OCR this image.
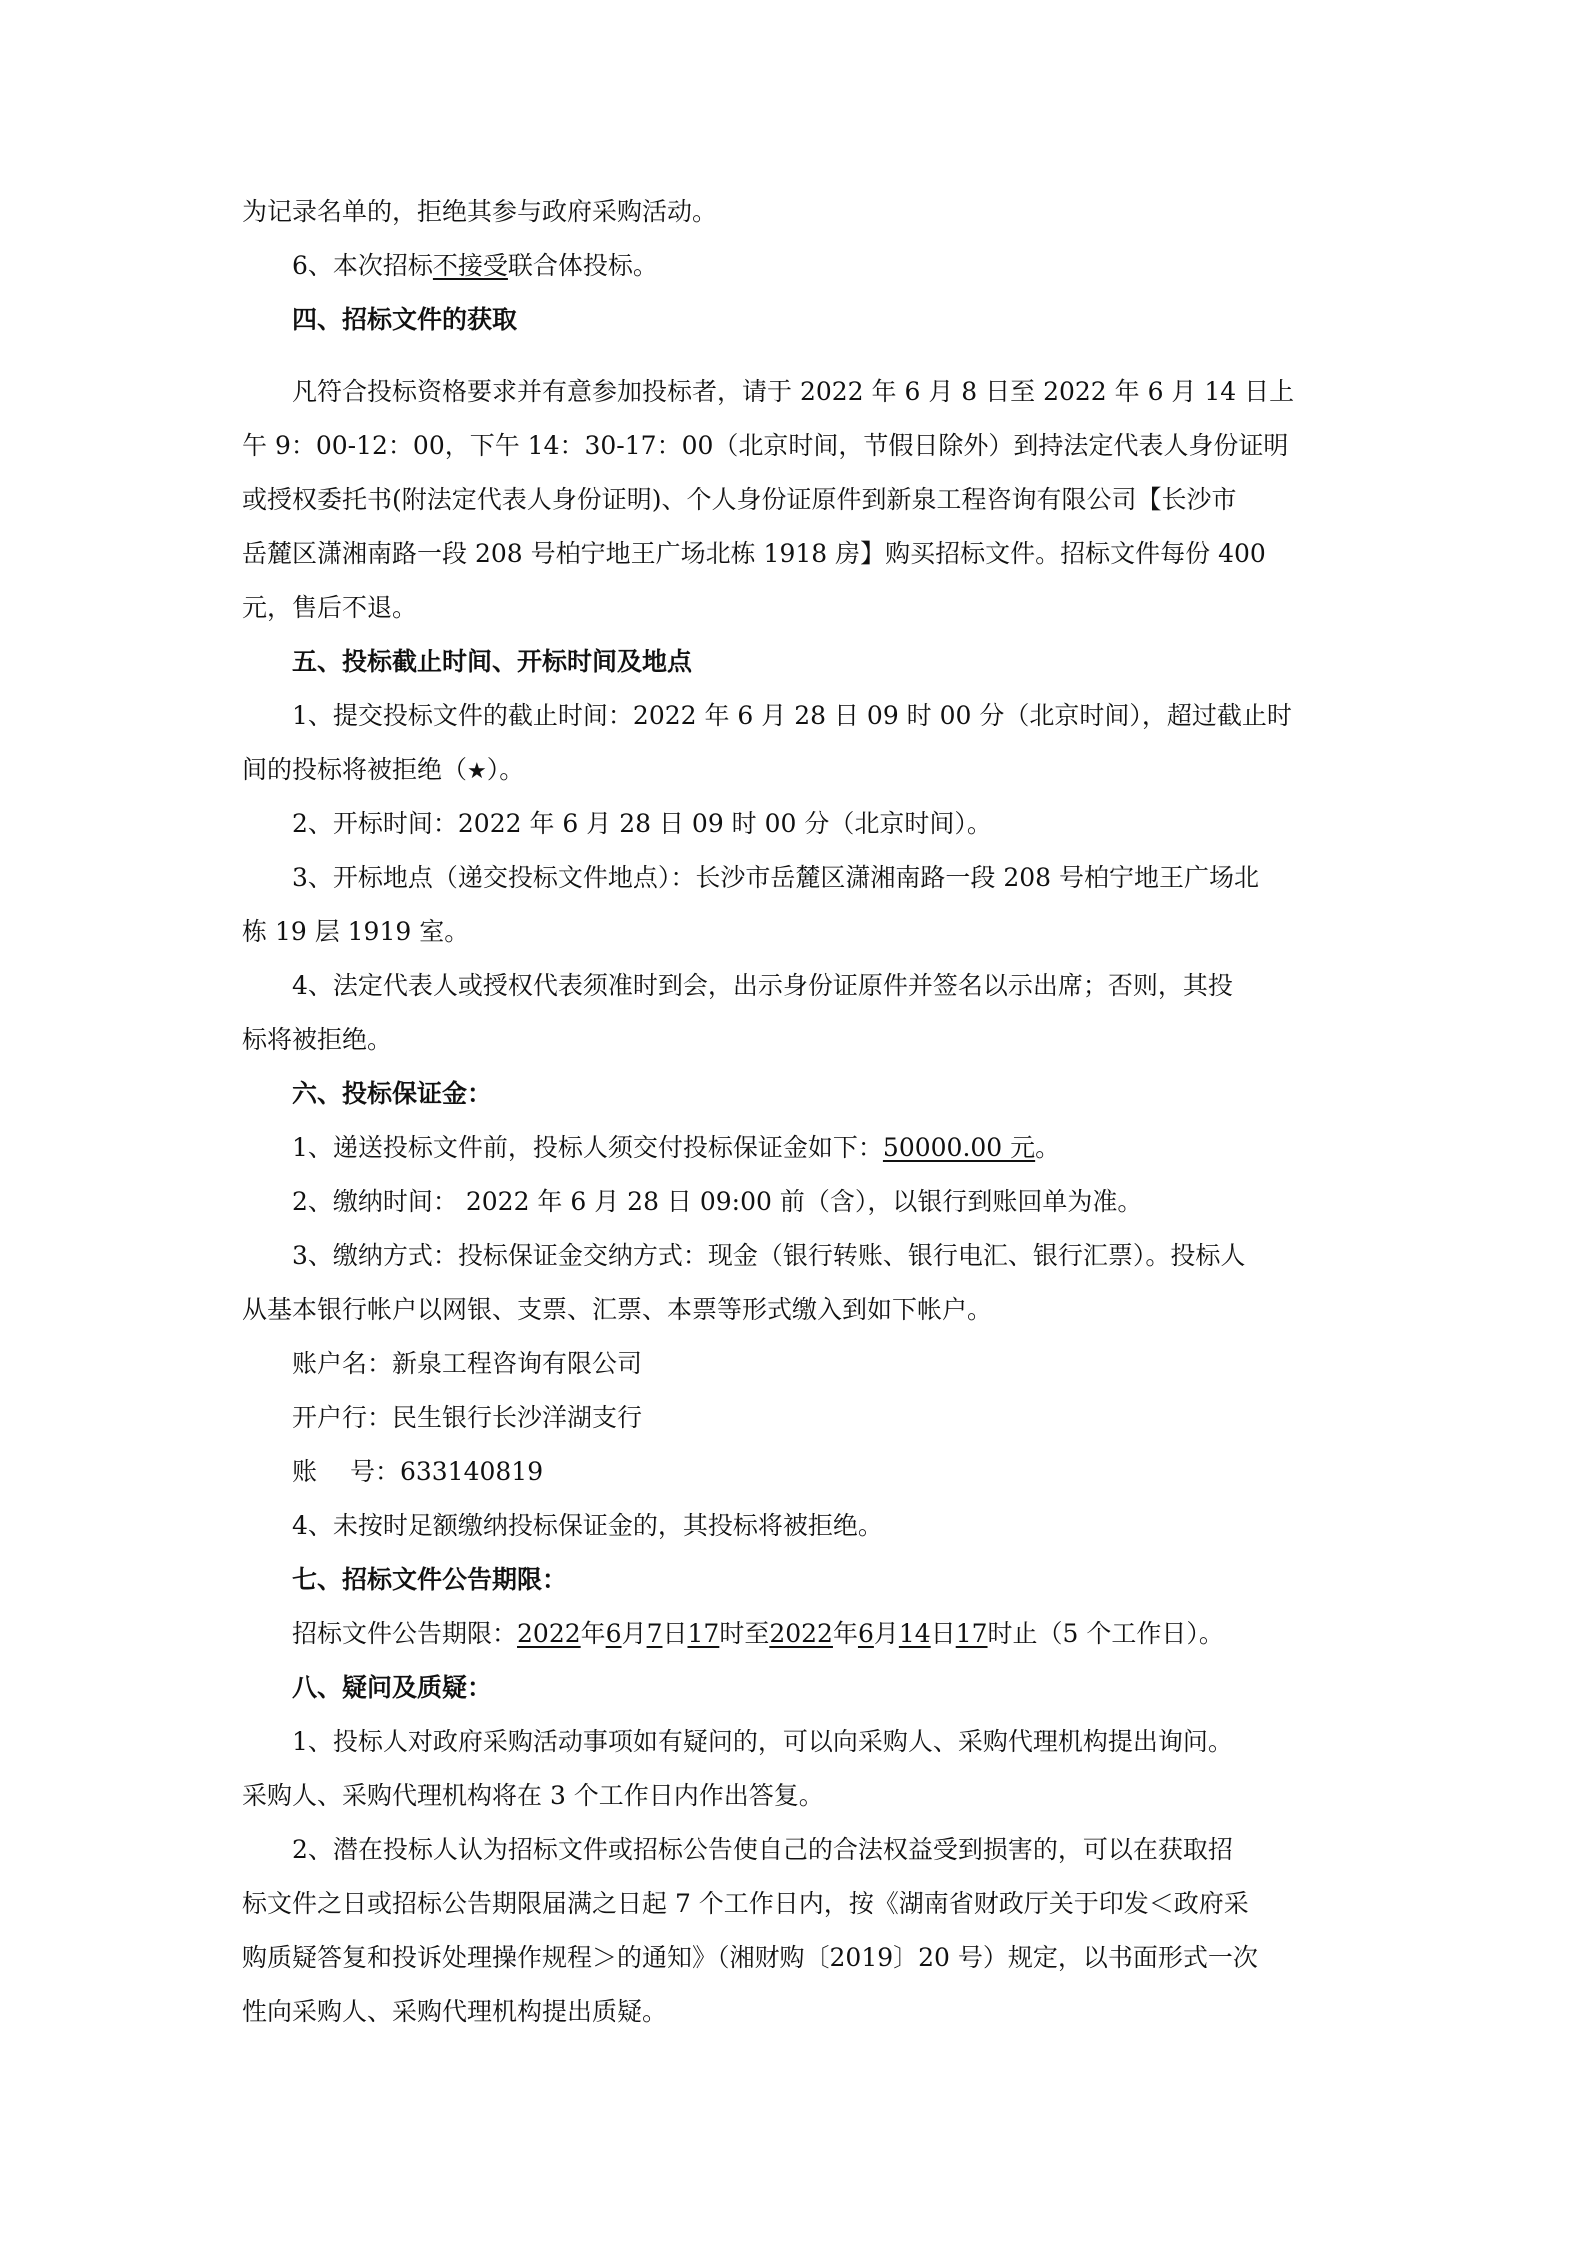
为记录名单的，拒绝其参与政府采购活动。

6、本次招标不接受联合体投标。

四、招标文件的获取

凡符合投标资格要求并有意参加投标者，请于 2022 年 6 月 8 日至 2022 年 6 月 14 日上

午 9：00-12：00，下午 14：30-17：00（北京时间，节假日除外）到持法定代表人身份证明

或授权委托书(附法定代表人身份证明)、个人身份证原件到新泉工程咨询有限公司【长沙市

岳麓区潇湘南路一段 208 号柏宁地王广场北栋 1918 房】购买招标文件。招标文件每份 400

元，售后不退。

五、投标截止时间、开标时间及地点

1、提交投标文件的截止时间：2022 年 6 月 28 日 09 时 00 分（北京时间），超过截止时

间的投标将被拒绝（★）。

2、开标时间：2022 年 6 月 28 日 09 时 00 分（北京时间）。

3、开标地点（递交投标文件地点）：长沙市岳麓区潇湘南路一段 208 号柏宁地王广场北

栋 19 层 1919 室。

4、法定代表人或授权代表须准时到会，出示身份证原件并签名以示出席；否则，其投

标将被拒绝。

六、投标保证金：

1、递送投标文件前，投标人须交付投标保证金如下：50000.00 元。

2、缴纳时间： 2022 年 6 月 28 日 09:00 前（含），以银行到账回单为准。

3、缴纳方式：投标保证金交纳方式：现金（银行转账、银行电汇、银行汇票）。投标人

从基本银行帐户以网银、支票、汇票、本票等形式缴入到如下帐户。

账户名：新泉工程咨询有限公司

开户行：民生银行长沙洋湖支行

账　 号：633140819

4、未按时足额缴纳投标保证金的，其投标将被拒绝。

七、招标文件公告期限：

招标文件公告期限：2022年6月7日17时至2022年6月14日17时止（5 个工作日）。

八、疑问及质疑：

1、投标人对政府采购活动事项如有疑问的，可以向采购人、采购代理机构提出询问。

采购人、采购代理机构将在 3 个工作日内作出答复。

2、潜在投标人认为招标文件或招标公告使自己的合法权益受到损害的，可以在获取招

标文件之日或招标公告期限届满之日起 7 个工作日内，按《湖南省财政厅关于印发＜政府采

购质疑答复和投诉处理操作规程＞的通知》（湘财购〔2019〕20 号）规定，以书面形式一次

性向采购人、采购代理机构提出质疑。
